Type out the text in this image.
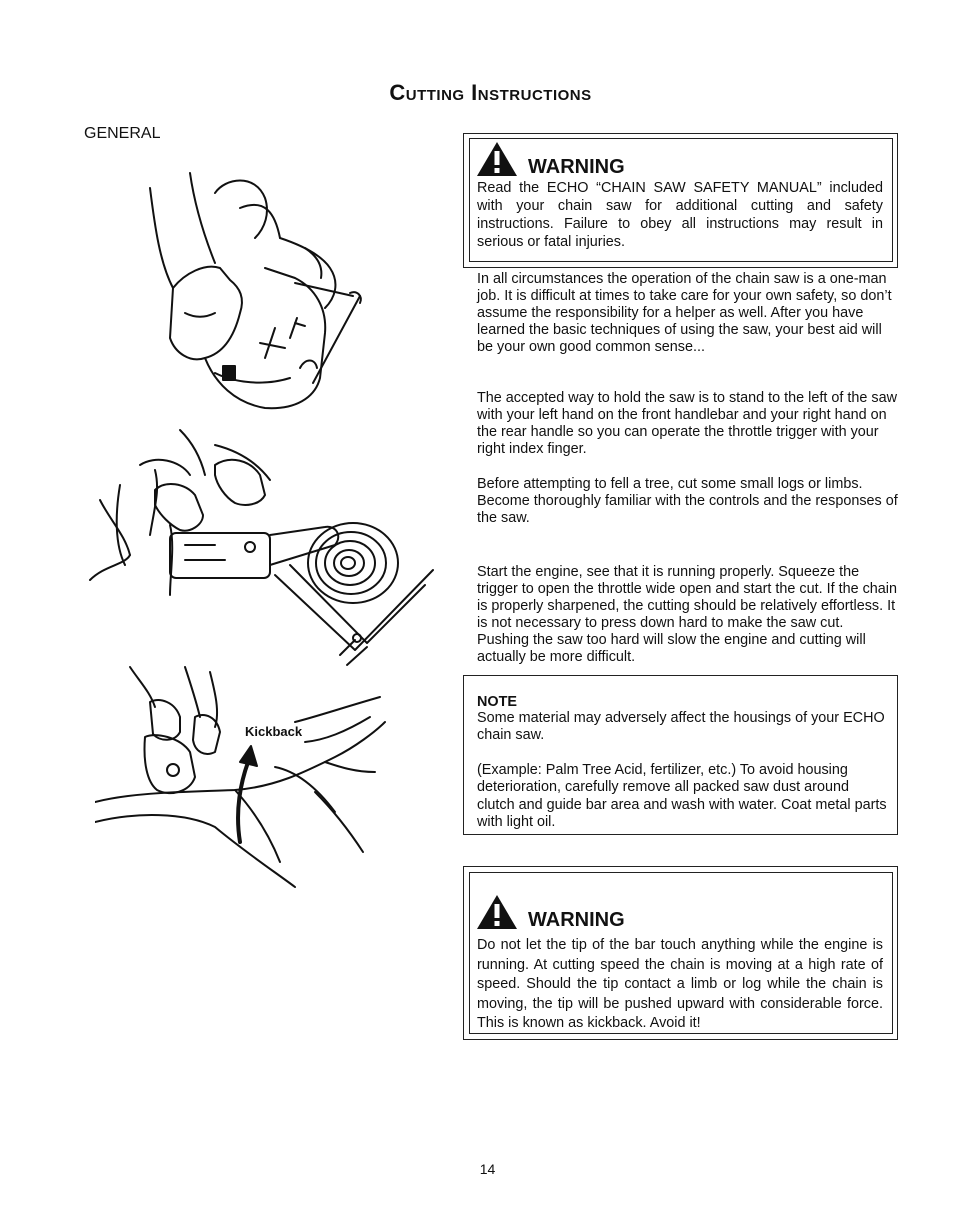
Cutting Instructions
GENERAL
Kickback
WARNING
Read the ECHO “CHAIN SAW SAFETY MANUAL” included with your chain saw for additional cutting and safety instructions. Failure to obey all instructions may result in serious or fatal injuries.
In all circumstances the operation of the chain saw is a one-man job. It is difficult at times to take care for your own safety, so don’t assume the responsibility for a helper as well. After you have learned the basic techniques of using the saw, your best aid will be your own good common sense...
The accepted way to hold the saw is to stand to the left of the saw with your left hand on the front handlebar and your right hand on the rear handle so you can operate the throttle trigger with your right index finger.
Before attempting to fell a tree, cut some small logs or limbs. Become thoroughly familiar with the controls and the responses of the saw.
Start the engine, see that it is running properly. Squeeze the trigger to open the throttle wide open and start the cut. If the chain is properly sharpened, the cutting should be relatively effortless. It is not necessary to press down hard to make the saw cut. Pushing the saw too hard will slow the engine and cutting will actually be more difficult.
NOTE
Some material may adversely affect the housings of your ECHO chain saw.
(Example: Palm Tree Acid, fertilizer, etc.) To avoid housing deterioration, carefully remove all packed saw dust around clutch and guide bar area and wash with water. Coat metal parts with light oil.
WARNING
Do not let the tip of the bar touch anything while the engine is running. At cutting speed the chain is moving at a high rate of speed. Should the tip contact a limb or log while the chain is moving, the tip will be pushed upward with considerable force. This is known as kickback. Avoid it!
14
